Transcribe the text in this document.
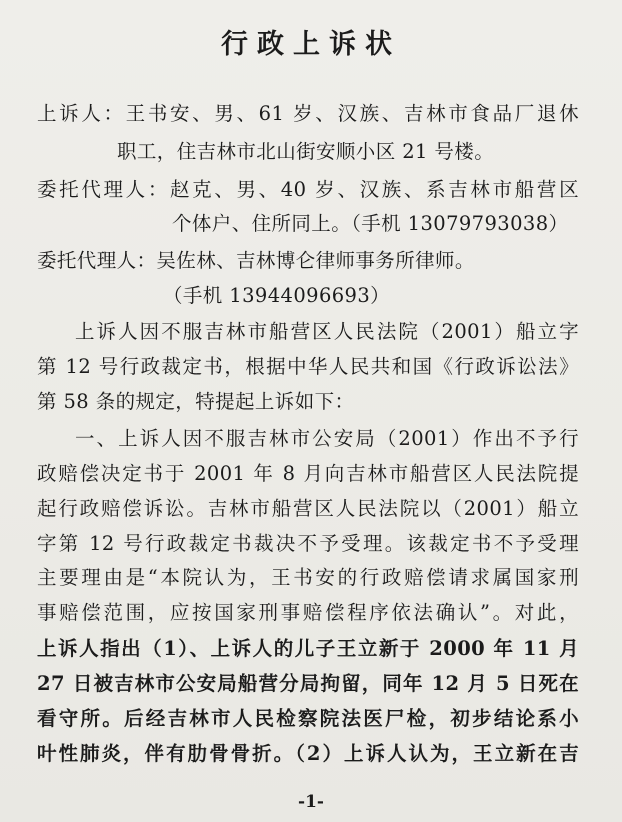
行政上诉状
上诉人：王书安、男、61 岁、汉族、吉林市食品厂退休
职工，住吉林市北山街安顺小区 21 号楼。
委托代理人：赵克、男、40 岁、汉族、系吉林市船营区
个体户、住所同上。（手机 13079793038）
委托代理人：吴佐林、吉林博仑律师事务所律师。
（手机 13944096693）
上诉人因不服吉林市船营区人民法院（2001）船立字
第 12 号行政裁定书，根据中华人民共和国《行政诉讼法》
第 58 条的规定，特提起上诉如下：
一、上诉人因不服吉林市公安局（2001）作出不予行
政赔偿决定书于 2001 年 8 月向吉林市船营区人民法院提
起行政赔偿诉讼。吉林市船营区人民法院以（2001）船立
字第 12 号行政裁定书裁决不予受理。该裁定书不予受理
主要理由是“本院认为，王书安的行政赔偿请求属国家刑
事赔偿范围，应按国家刑事赔偿程序依法确认”。对此，
上诉人指出（1）、上诉人的儿子王立新于 2000 年 11 月
27 日被吉林市公安局船营分局拘留，同年 12 月 5 日死在
看守所。后经吉林市人民检察院法医尸检，初步结论系小
叶性肺炎，伴有肋骨骨折。（2）上诉人认为，王立新在吉
-1-
